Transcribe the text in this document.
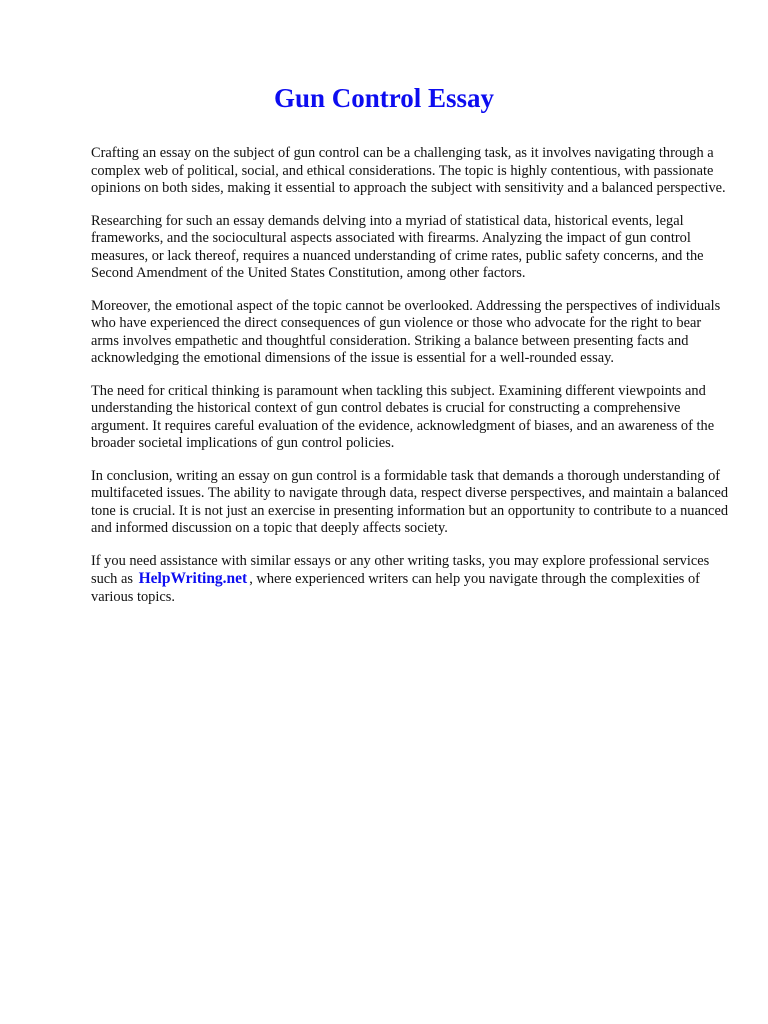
Gun Control Essay

Crafting an essay on the subject of gun control can be a challenging task, as it involves navigating through a complex web of political, social, and ethical considerations. The topic is highly contentious, with passionate opinions on both sides, making it essential to approach the subject with sensitivity and a balanced perspective.

Researching for such an essay demands delving into a myriad of statistical data, historical events, legal frameworks, and the sociocultural aspects associated with firearms. Analyzing the impact of gun control measures, or lack thereof, requires a nuanced understanding of crime rates, public safety concerns, and the Second Amendment of the United States Constitution, among other factors.

Moreover, the emotional aspect of the topic cannot be overlooked. Addressing the perspectives of individuals who have experienced the direct consequences of gun violence or those who advocate for the right to bear arms involves empathetic and thoughtful consideration. Striking a balance between presenting facts and acknowledging the emotional dimensions of the issue is essential for a well-rounded essay.

The need for critical thinking is paramount when tackling this subject. Examining different viewpoints and understanding the historical context of gun control debates is crucial for constructing a comprehensive argument. It requires careful evaluation of the evidence, acknowledgment of biases, and an awareness of the broader societal implications of gun control policies.

In conclusion, writing an essay on gun control is a formidable task that demands a thorough understanding of multifaceted issues. The ability to navigate through data, respect diverse perspectives, and maintain a balanced tone is crucial. It is not just an exercise in presenting information but an opportunity to contribute to a nuanced and informed discussion on a topic that deeply affects society.

If you need assistance with similar essays or any other writing tasks, you may explore professional services such as HelpWriting.net , where experienced writers can help you navigate through the complexities of various topics.
